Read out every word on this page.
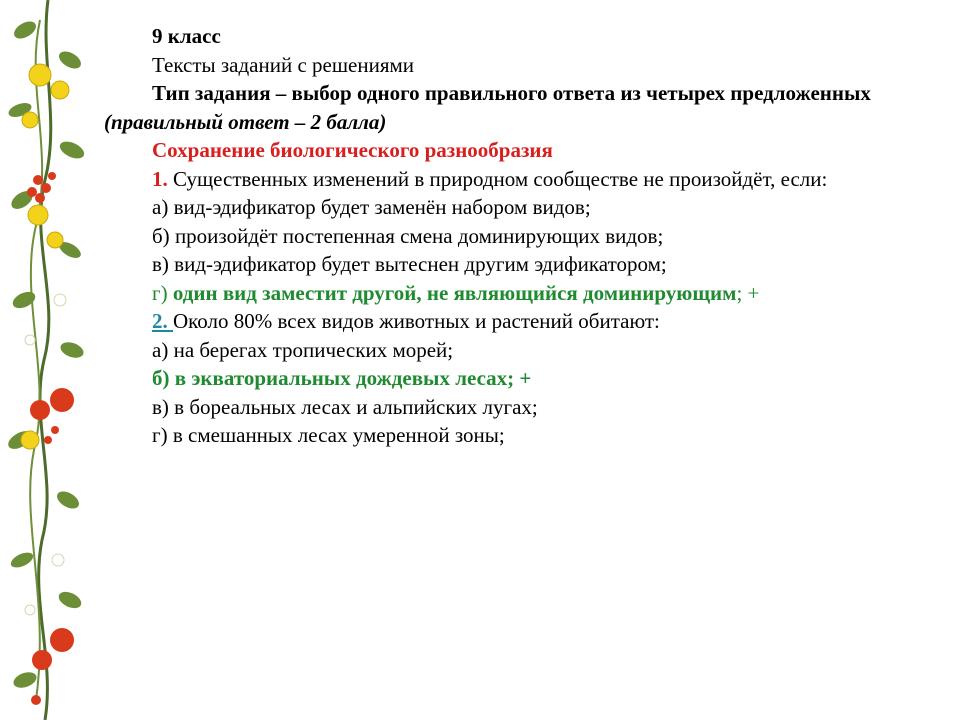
9 класс

Тексты заданий с решениями

Тип задания – выбор одного правильного ответа из четырех предложенных (правильный ответ – 2 балла)

Сохранение биологического разнообразия

1. Существенных изменений в природном сообществе не произойдёт, если:

а) вид-эдификатор будет заменён набором видов;

б) произойдёт постепенная смена доминирующих видов;

в) вид-эдификатор будет вытеснен другим эдификатором;

г) один вид заместит другой, не являющийся доминирующим; +

2. Около 80% всех видов животных и растений обитают:

а) на берегах тропических морей;

б) в экваториальных дождевых лесах; +

в) в бореальных лесах и альпийских лугах;

г) в смешанных лесах умеренной зоны;
